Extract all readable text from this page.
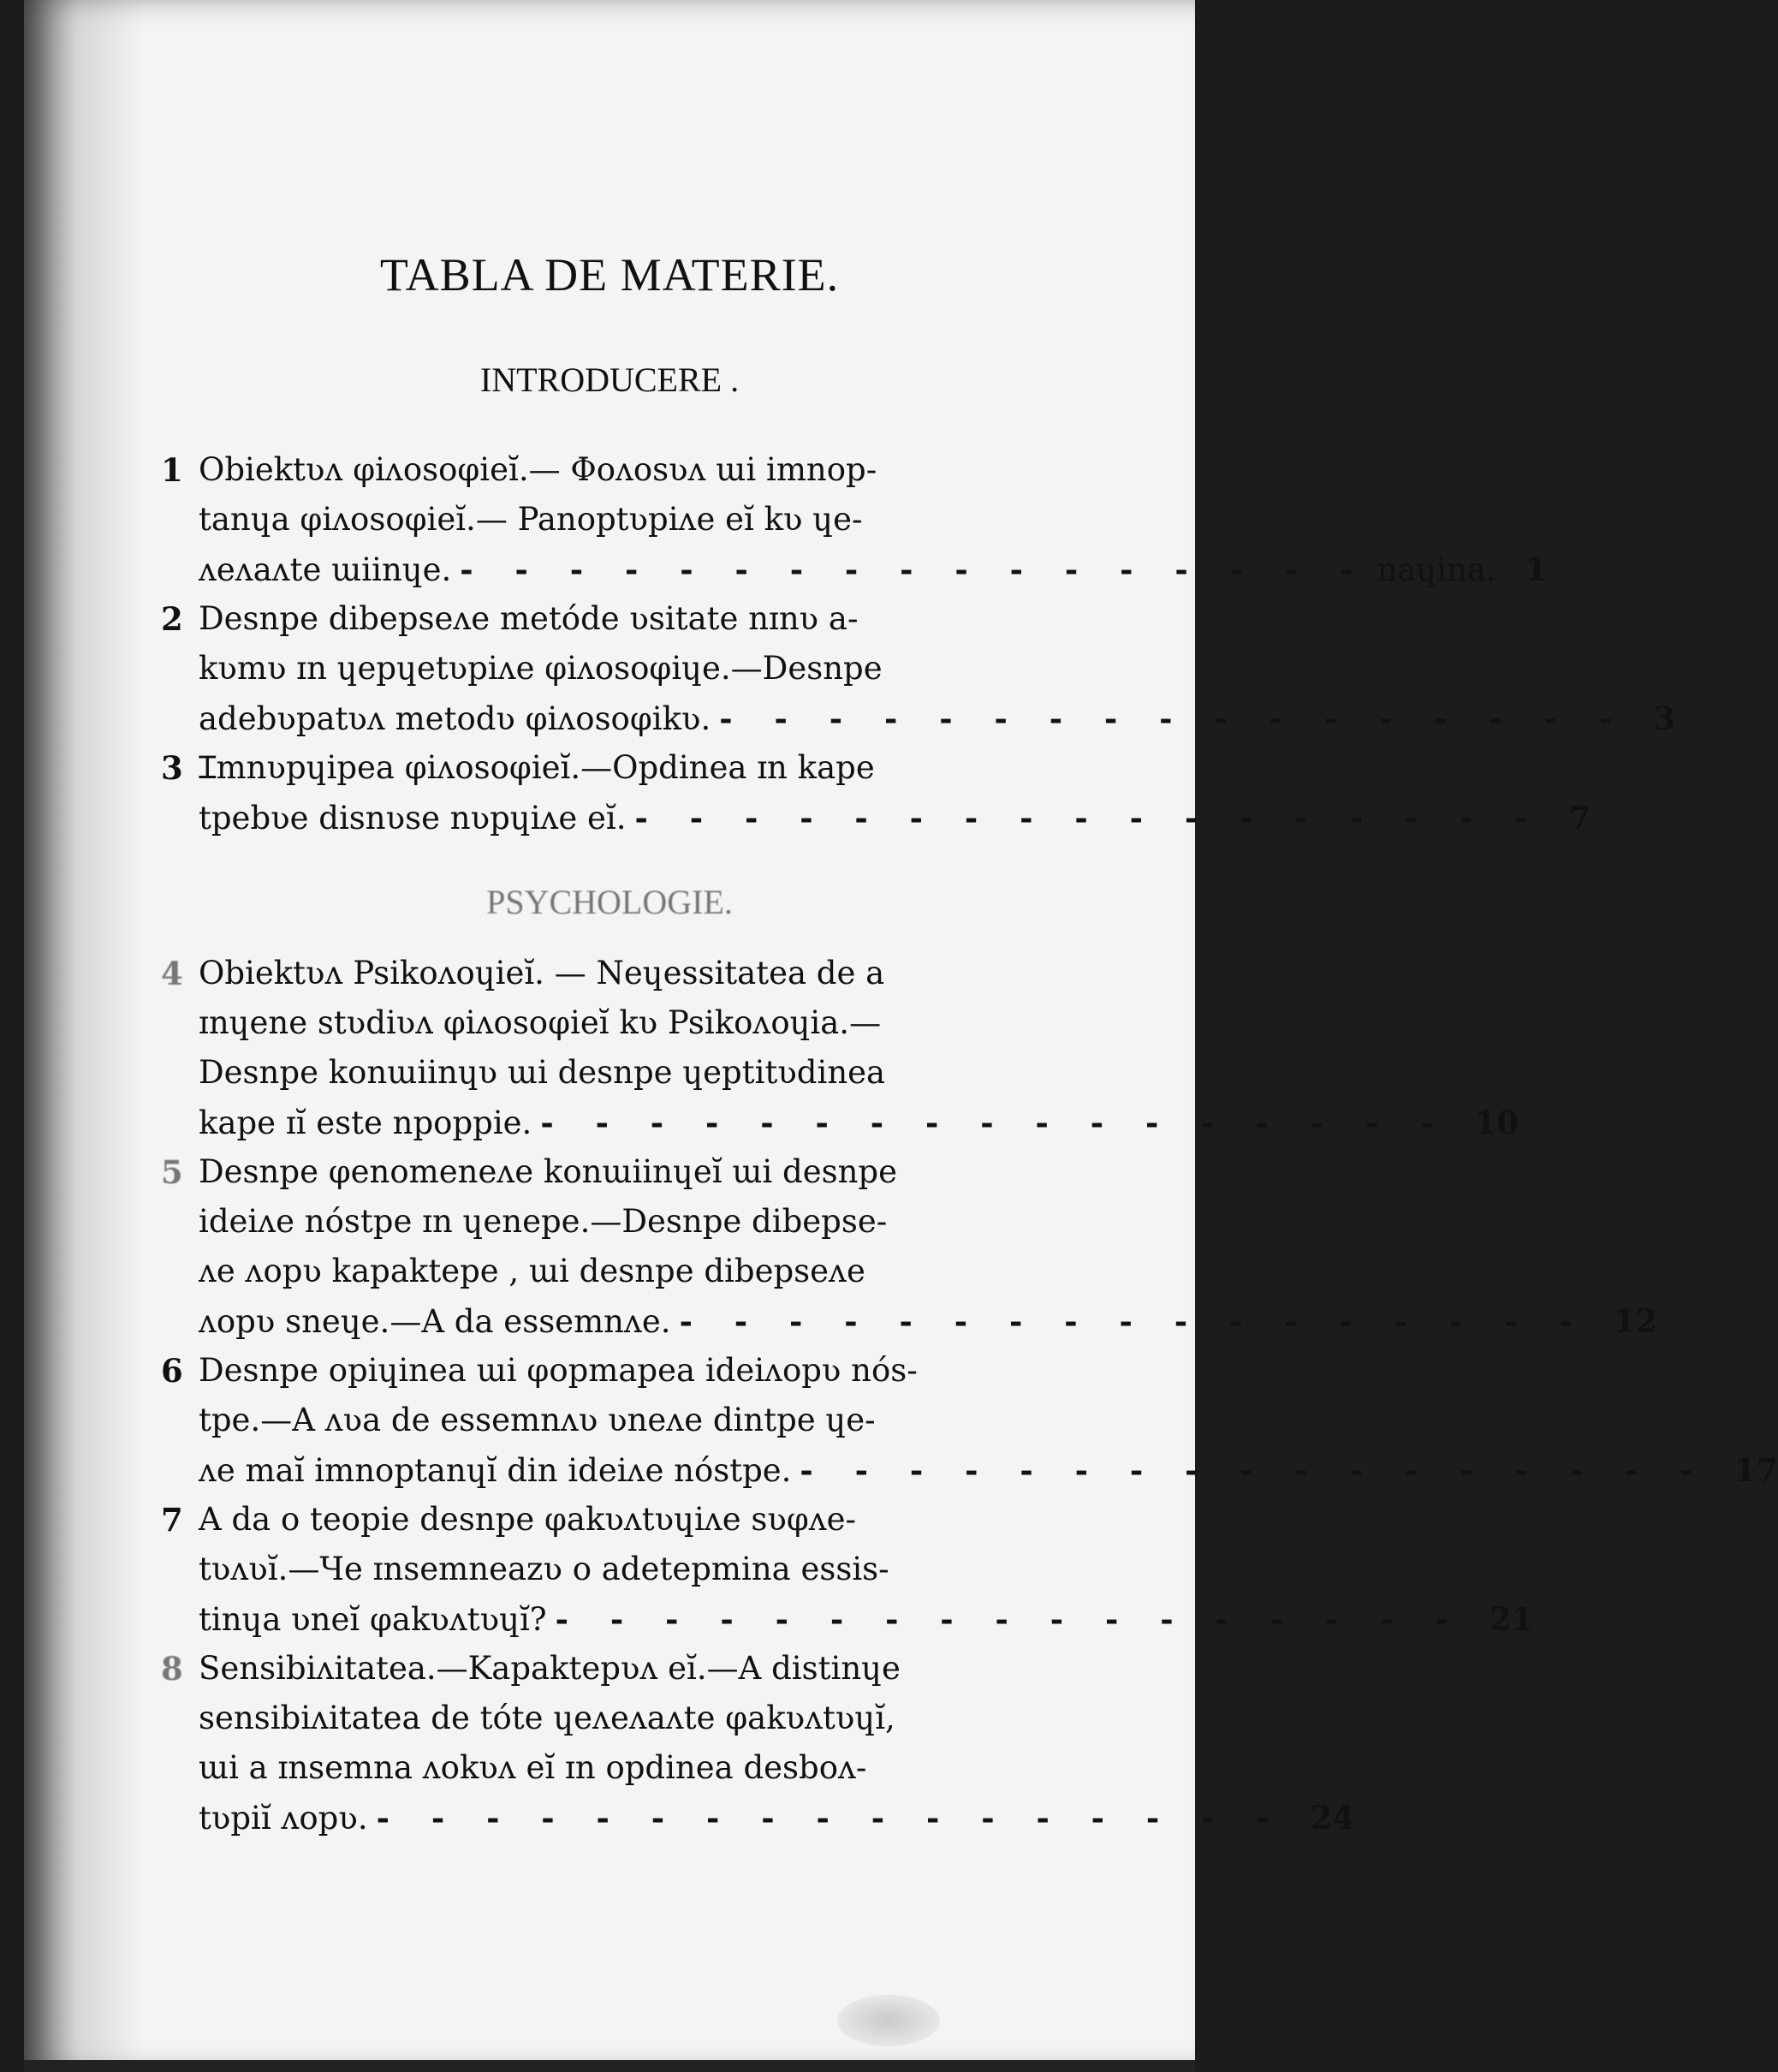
TABLA DE MATERIE.
INTRODUCERE .
1 Obiektʋʌ φiʌosoφieĭ.— Φoʌosʋʌ ɯi imnop-
tanɥa φiʌosoφieĭ.— Panoptʋpiʌe eĭ kʋ ɥe-
ʌeʌaʌte ɯiinɥe. - - - - - - - - - - - - - - - - - nаɥina. 1
2 Desnpe dibepseʌe metóde ʋsitate nɪnʋ a-
kʋmʋ ɪn ɥepɥetʋpiʌe φiʌosoφiɥe.—Desnpe
adebʋpatʋʌ metodʋ φiʌosoφikʋ. - - - - - - - - - - - - - - - - - 3
3 Ɪmnʋpɥipea φiʌosoφieĭ.—Opdinea ɪn kape
tpebʋe disnʋse nʋpɥiʌe eĭ. - - - - - - - - - - - - - - - - - 7
PSYCHOLOGIE.
4 Obiektʋʌ Psikoʌoɥieĭ. — Neɥessitatea de a
ɪnɥene stʋdiʋʌ φiʌosoφieĭ kʋ Psikoʌoɥia.—
Desnpe konɯiinɥʋ ɯi desnpe ɥeptitʋdinea
kape ɪĭ este npoppie. - - - - - - - - - - - - - - - - - 10
5 Desnpe φenomeneʌe konɯiinɥeĭ ɯi desnpe
ideiʌe nóstpe ɪn ɥenepe.—Desnpe dibepse-
ʌe ʌopʋ kapaktepe , ɯi desnpe dibepseʌe
ʌopʋ sneɥe.—A da essemnʌe. - - - - - - - - - - - - - - - - - 12
6 Desnpe opiɥinea ɯi φopmapea ideiʌopʋ nós-
tpe.—A ʌʋa de essemnʌʋ ʋneʌe dintpe ɥe-
ʌe maĭ imnoptanɥĭ din ideiʌe nóstpe. - - - - - - - - - - - - - - - - - 17
7 A da o teopie desnpe φakʋʌtʋɥiʌe sʋφʌe-
tʋʌʋĭ.—Ɥe ɪnsemneazʋ o adetepmina essis-
tinɥa ʋneĭ φakʋʌtʋɥĭ? - - - - - - - - - - - - - - - - - 21
8 Sensibiʌitatea.—Kapaktepʋʌ eĭ.—A distinɥe
sensibiʌitatea de tóte ɥeʌeʌaʌte φakʋʌtʋɥĭ,
ɯi a ɪnsemna ʌokʋʌ eĭ ɪn opdinea desboʌ-
tʋpiĭ ʌopʋ. - - - - - - - - - - - - - - - - - 24
